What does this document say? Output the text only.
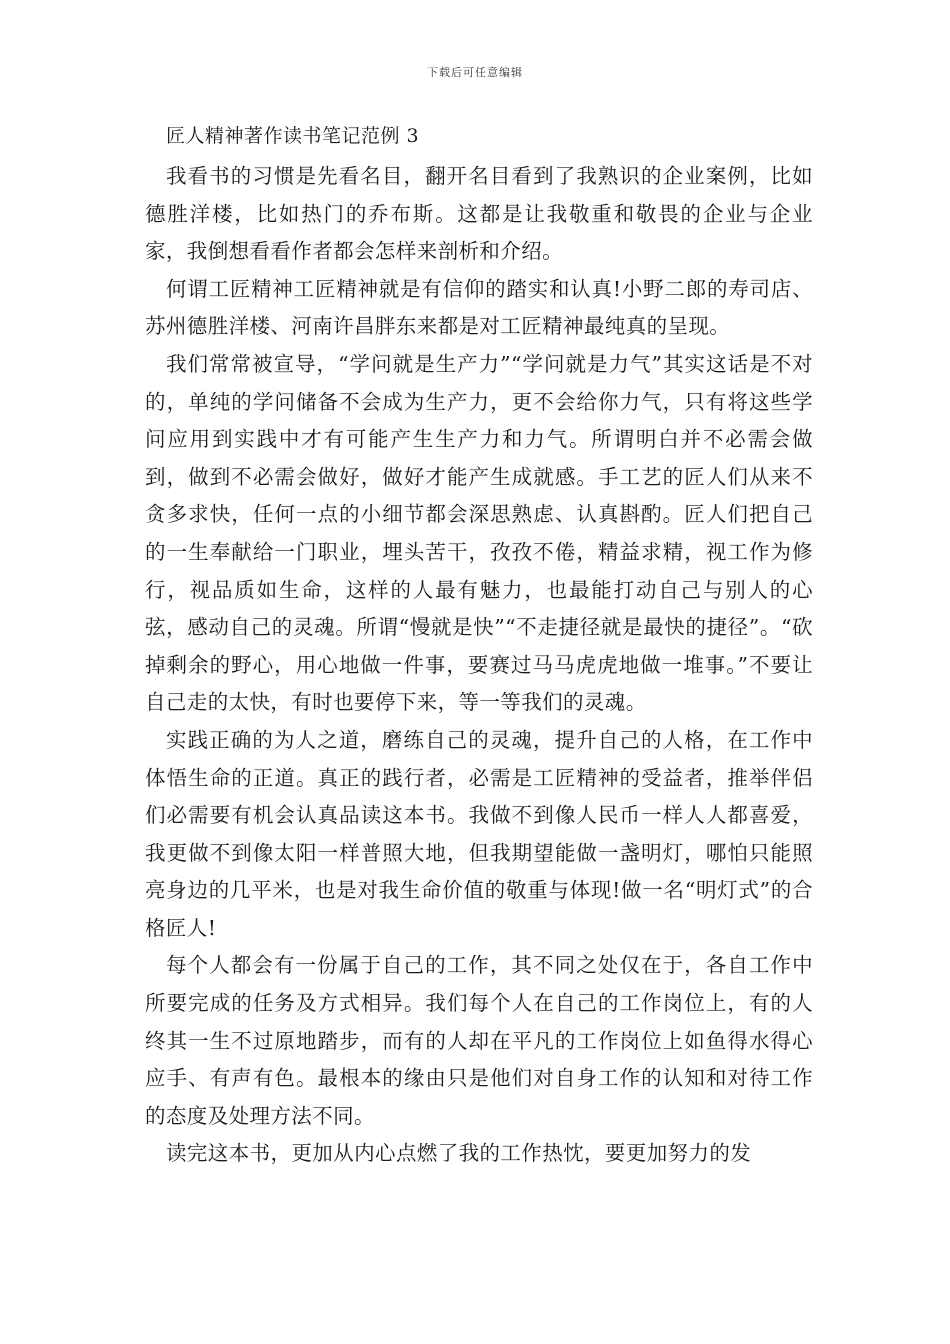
下载后可任意编辑
匠人精神著作读书笔记范例 3

我看书的习惯是先看名目，翻开名目看到了我熟识的企业案例，比如德胜洋楼，比如热门的乔布斯。这都是让我敬重和敬畏的企业与企业家，我倒想看看作者都会怎样来剖析和介绍。

何谓工匠精神工匠精神就是有信仰的踏实和认真!小野二郎的寿司店、苏州德胜洋楼、河南许昌胖东来都是对工匠精神最纯真的呈现。

我们常常被宣导，“学问就是生产力”“学问就是力气”其实这话是不对的，单纯的学问储备不会成为生产力，更不会给你力气，只有将这些学问应用到实践中才有可能产生生产力和力气。所谓明白并不必需会做到，做到不必需会做好，做好才能产生成就感。手工艺的匠人们从来不贪多求快，任何一点的小细节都会深思熟虑、认真斟酌。匠人们把自己的一生奉献给一门职业，埋头苦干，孜孜不倦，精益求精，视工作为修行，视品质如生命，这样的人最有魅力，也最能打动自己与别人的心弦，感动自己的灵魂。所谓“慢就是快”“不走捷径就是最快的捷径”。“砍掉剩余的野心，用心地做一件事，要赛过马马虎虎地做一堆事。”不要让自己走的太快，有时也要停下来，等一等我们的灵魂。

实践正确的为人之道，磨练自己的灵魂，提升自己的人格，在工作中体悟生命的正道。真正的践行者，必需是工匠精神的受益者，推举伴侣们必需要有机会认真品读这本书。我做不到像人民币一样人人都喜爱，我更做不到像太阳一样普照大地，但我期望能做一盏明灯，哪怕只能照亮身边的几平米，也是对我生命价值的敬重与体现!做一名“明灯式”的合格匠人!

每个人都会有一份属于自己的工作，其不同之处仅在于，各自工作中所要完成的任务及方式相异。我们每个人在自己的工作岗位上，有的人终其一生不过原地踏步，而有的人却在平凡的工作岗位上如鱼得水得心应手、有声有色。最根本的缘由只是他们对自身工作的认知和对待工作的态度及处理方法不同。

读完这本书，更加从内心点燃了我的工作热忱，要更加努力的发
